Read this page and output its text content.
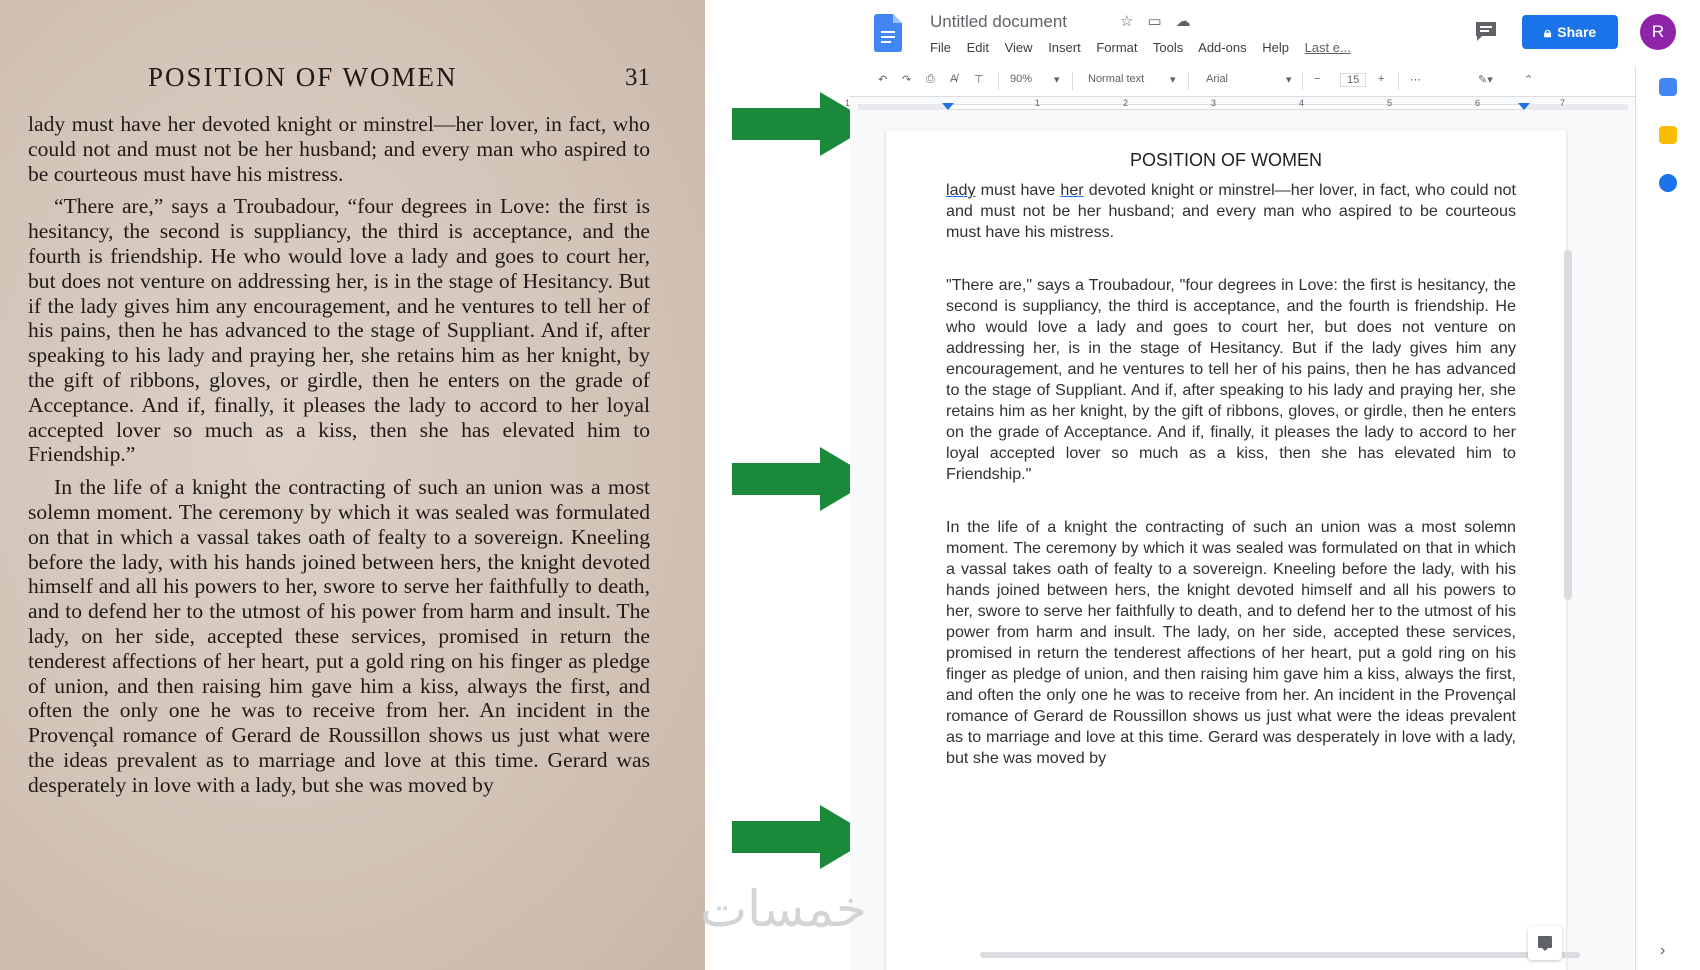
POSITION OF WOMEN	31

lady must have her devoted knight or minstrel—her lover, in fact, who could not and must not be her husband; and every man who aspired to be courteous must have his mistress.

“There are,” says a Troubadour, “four degrees in Love: the first is hesitancy, the second is suppliancy, the third is acceptance, and the fourth is friendship. He who would love a lady and goes to court her, but does not venture on addressing her, is in the stage of Hesitancy. But if the lady gives him any encouragement, and he ventures to tell her of his pains, then he has advanced to the stage of Suppliant. And if, after speaking to his lady and praying her, she retains him as her knight, by the gift of ribbons, gloves, or girdle, then he enters on the grade of Acceptance. And if, finally, it pleases the lady to accord to her loyal accepted lover so much as a kiss, then she has elevated him to Friendship.”

In the life of a knight the contracting of such an union was a most solemn moment. The ceremony by which it was sealed was formulated on that in which a vassal takes oath of fealty to a sovereign. Kneeling before the lady, with his hands joined between hers, the knight devoted himself and all his powers to her, swore to serve her faithfully to death, and to defend her to the utmost of his power from harm and insult. The lady, on her side, accepted these services, promised in return the tenderest affections of her heart, put a gold ring on his finger as pledge of union, and then raising him gave him a kiss, always the first, and often the only one he was to receive from her. An incident in the Provençal romance of Gerard de Roussillon shows us just what were the ideas prevalent as to marriage and love at this time. Gerard was desperately in love with a lady, but she was moved by

Untitled document	☆ ▭ ☁
File Edit View Insert Format Tools Add-ons Help Last e...
🔒︎ Share	R
↶ ↷ ⎙ A̸ ⊤ 90% ▾	Normal text ▾	Arial	▾ −	15	+ ⋯	✎▾	⌃
1	1	2	3	4	5	6	7
POSITION OF WOMEN

lady must have her devoted knight or minstrel—her lover, in fact, who could not and must not be her husband; and every man who aspired to be courteous must have his mistress.

"There are," says a Troubadour, "four degrees in Love: the first is hesitancy, the second is suppliancy, the third is acceptance, and the fourth is friendship. He who would love a lady and goes to court her, but does not venture on addressing her, is in the stage of Hesitancy. But if the lady gives him any encouragement, and he ventures to tell her of his pains, then he has advanced to the stage of Suppliant. And if, after speaking to his lady and praying her, she retains him as her knight, by the gift of ribbons, gloves, or girdle, then he enters on the grade of Acceptance. And if, finally, it pleases the lady to accord to her loyal accepted lover so much as a kiss, then she has elevated him to Friendship."

In the life of a knight the contracting of such an union was a most solemn moment. The ceremony by which it was sealed was formulated on that in which a vassal takes oath of fealty to a sovereign. Kneeling before the lady, with his hands joined between hers, the knight devoted himself and all his powers to her, swore to serve her faithfully to death, and to defend her to the utmost of his power from harm and insult. The lady, on her side, accepted these services, promised in return the tenderest affections of her heart, put a gold ring on his finger as pledge of union, and then raising him gave him a kiss, always the first, and often the only one he was to receive from her. An incident in the Provençal romance of Gerard de Roussillon shows us just what were the ideas prevalent as to marriage and love at this time. Gerard was desperately in love with a lady, but she was moved by

›
خمسات
